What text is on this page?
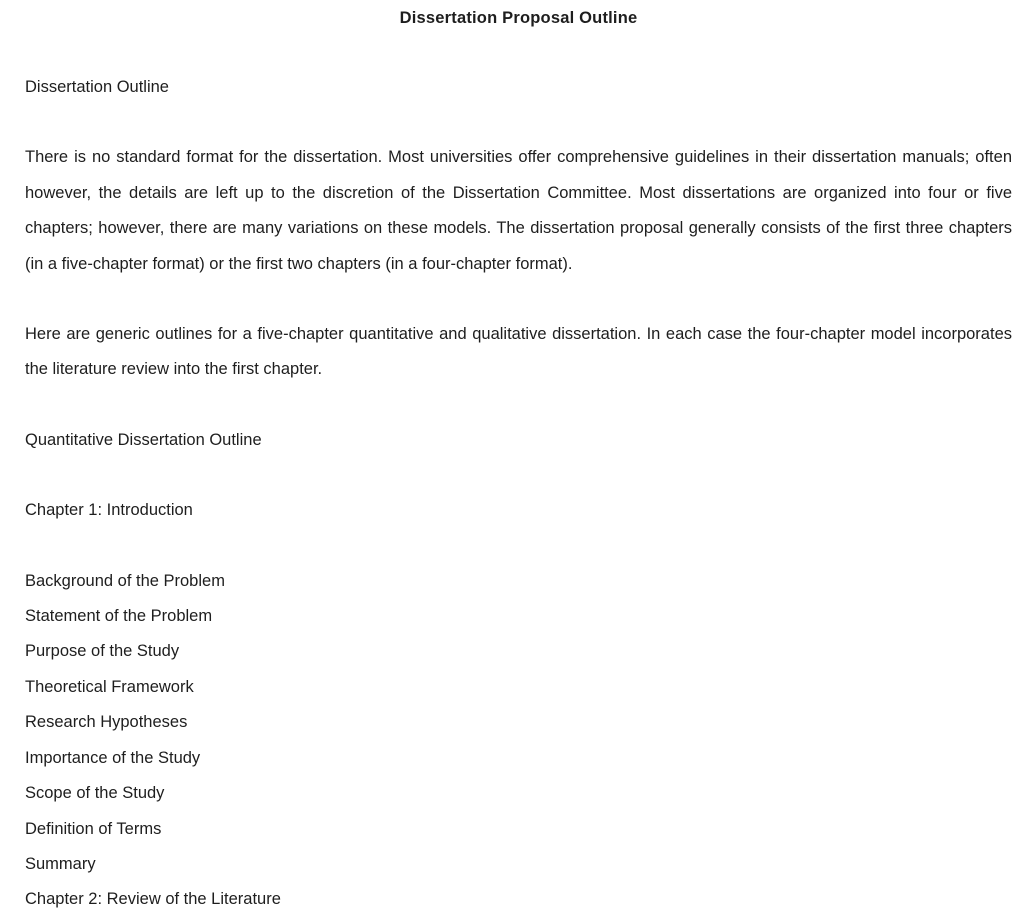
Dissertation Proposal Outline
Dissertation Outline

There is no standard format for the dissertation. Most universities offer comprehensive guidelines in their dissertation manuals; often however, the details are left up to the discretion of the Dissertation Committee. Most dissertations are organized into four or five chapters; however, there are many variations on these models. The dissertation proposal generally consists of the first three chapters (in a five-chapter format) or the first two chapters (in a four-chapter format).

Here are generic outlines for a five-chapter quantitative and qualitative dissertation. In each case the four-chapter model incorporates the literature review into the first chapter.

Quantitative Dissertation Outline
Chapter 1: Introduction
Background of the Problem
Statement of the Problem
Purpose of the Study
Theoretical Framework
Research Hypotheses
Importance of the Study
Scope of the Study
Definition of Terms
Summary
Chapter 2: Review of the Literature
